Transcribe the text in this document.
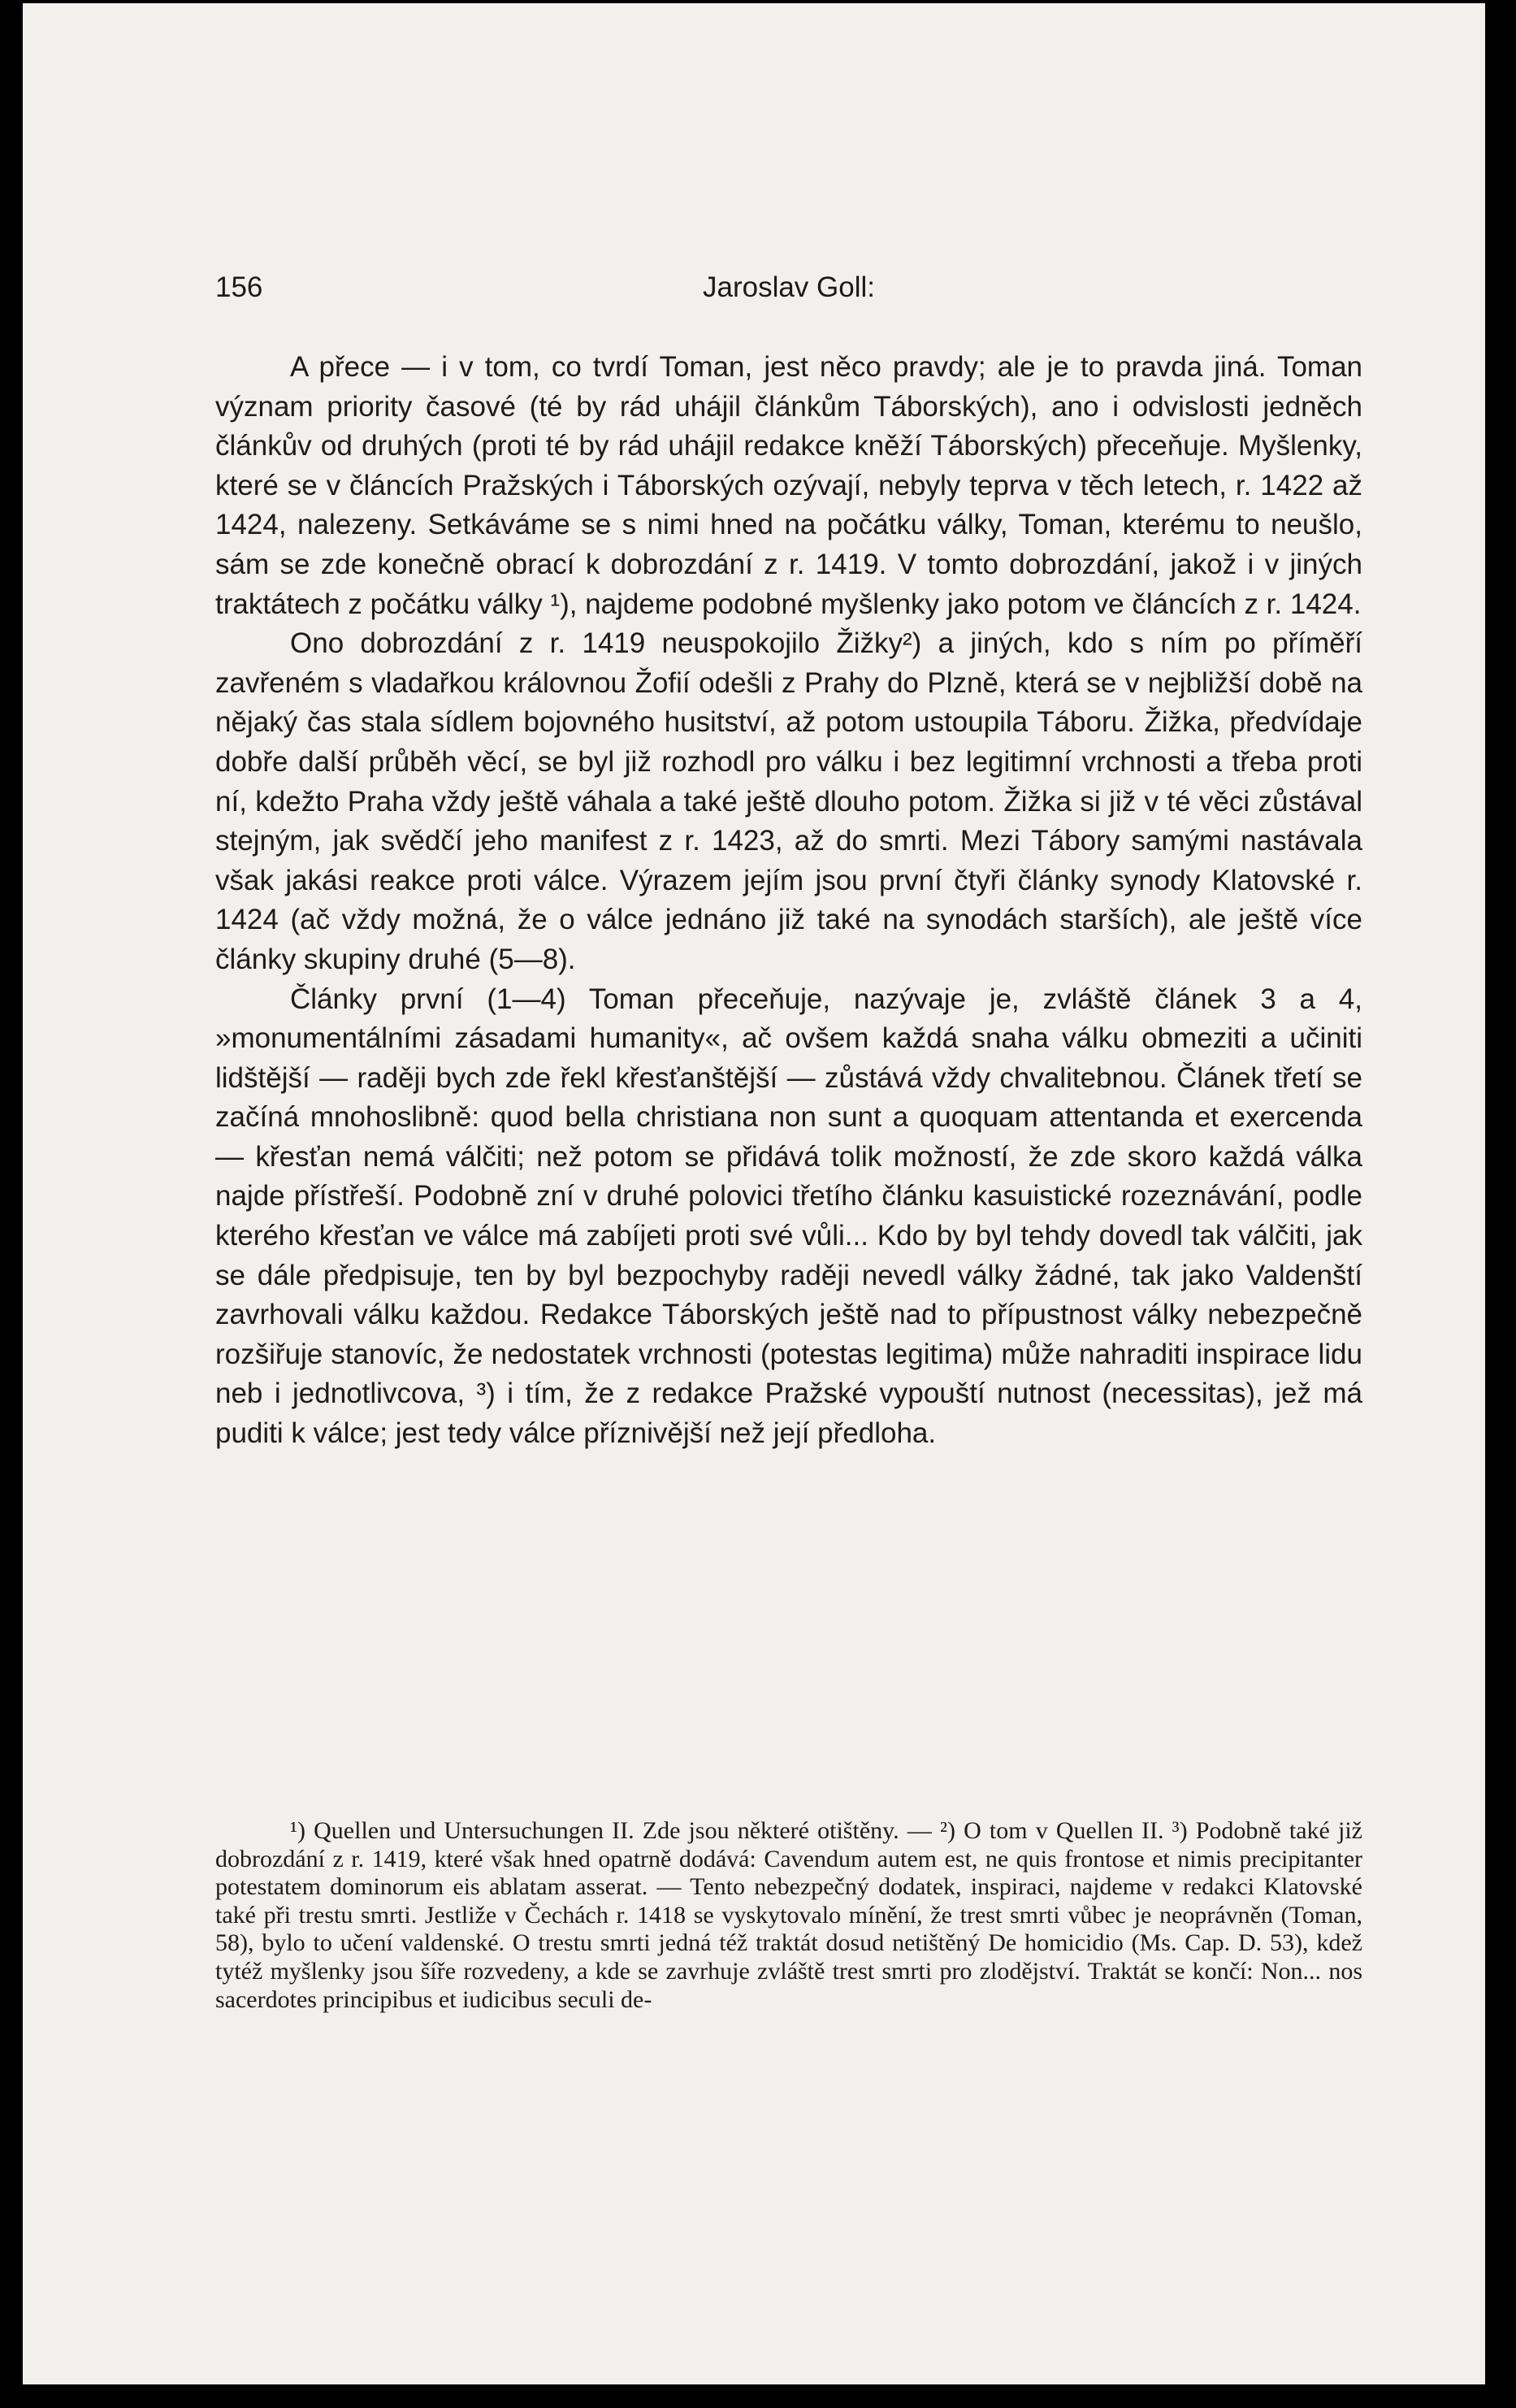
156	Jaroslav Goll:

A přece — i v tom, co tvrdí Toman, jest něco pravdy; ale je to pravda jiná. Toman význam priority časové (té by rád uhájil článkům Táborských), ano i odvislosti jedněch článkův od druhých (proti té by rád uhájil redakce kněží Táborských) přeceňuje. Myšlenky, které se v článcích Pražských i Táborských ozývají, nebyly teprva v těch letech, r. 1422 až 1424, nalezeny. Setkáváme se s nimi hned na počátku války, Toman, kterému to neušlo, sám se zde konečně obrací k dobrozdání z r. 1419. V tomto dobrozdání, jakož i v jiných traktátech z počátku války ¹), najdeme podobné myšlenky jako potom ve článcích z r. 1424.

Ono dobrozdání z r. 1419 neuspokojilo Žižky²) a jiných, kdo s ním po příměří zavřeném s vladařkou královnou Žofií odešli z Prahy do Plzně, která se v nejbližší době na nějaký čas stala sídlem bojovného husitství, až potom ustoupila Táboru. Žižka, předvídaje dobře další průběh věcí, se byl již rozhodl pro válku i bez legitimní vrchnosti a třeba proti ní, kdežto Praha vždy ještě váhala a také ještě dlouho potom. Žižka si již v té věci zůstával stejným, jak svědčí jeho manifest z r. 1423, až do smrti. Mezi Tábory samými nastávala však jakási reakce proti válce. Výrazem jejím jsou první čtyři články synody Klatovské r. 1424 (ač vždy možná, že o válce jednáno již také na synodách starších), ale ještě více články skupiny druhé (5—8).

Články první (1—4) Toman přeceňuje, nazývaje je, zvláště článek 3 a 4, »monumentálními zásadami humanity«, ač ovšem každá snaha válku obmeziti a učiniti lidštější — raději bych zde řekl křesťanštější — zůstává vždy chvalitebnou. Článek třetí se začíná mnohoslibně: quod bella christiana non sunt a quoquam attentanda et exercenda — křesťan nemá válčiti; než potom se přidává tolik možností, že zde skoro každá válka najde přístřeší. Podobně zní v druhé polovici třetího článku kasuistické rozeznávání, podle kterého křesťan ve válce má zabíjeti proti své vůli... Kdo by byl tehdy dovedl tak válčiti, jak se dále předpisuje, ten by byl bezpochyby raději nevedl války žádné, tak jako Valdenští zavrhovali válku každou. Redakce Táborských ještě nad to přípustnost války nebezpečně rozšiřuje stanovíc, že nedostatek vrchnosti (potestas legitima) může nahraditi inspirace lidu neb i jednotlivcova, ³) i tím, že z redakce Pražské vypouští nutnost (necessitas), jež má puditi k válce; jest tedy válce příznivější než její předloha.

¹) Quellen und Untersuchungen II. Zde jsou některé otištěny. — ²) O tom v Quellen II. ³) Podobně také již dobrozdání z r. 1419, které však hned opatrně dodává: Cavendum autem est, ne quis frontose et nimis precipitanter potestatem dominorum eis ablatam asserat. — Tento nebezpečný dodatek, inspiraci, najdeme v redakci Klatovské také při trestu smrti. Jestliže v Čechách r. 1418 se vyskytovalo mínění, že trest smrti vůbec je neoprávněn (Toman, 58), bylo to učení valdenské. O trestu smrti jedná též traktát dosud netištěný De homicidio (Ms. Cap. D. 53), kdež tytéž myšlenky jsou šíře rozvedeny, a kde se zavrhuje zvláště trest smrti pro zlodějství. Traktát se končí: Non... nos sacerdotes principibus et iudicibus seculi de-
